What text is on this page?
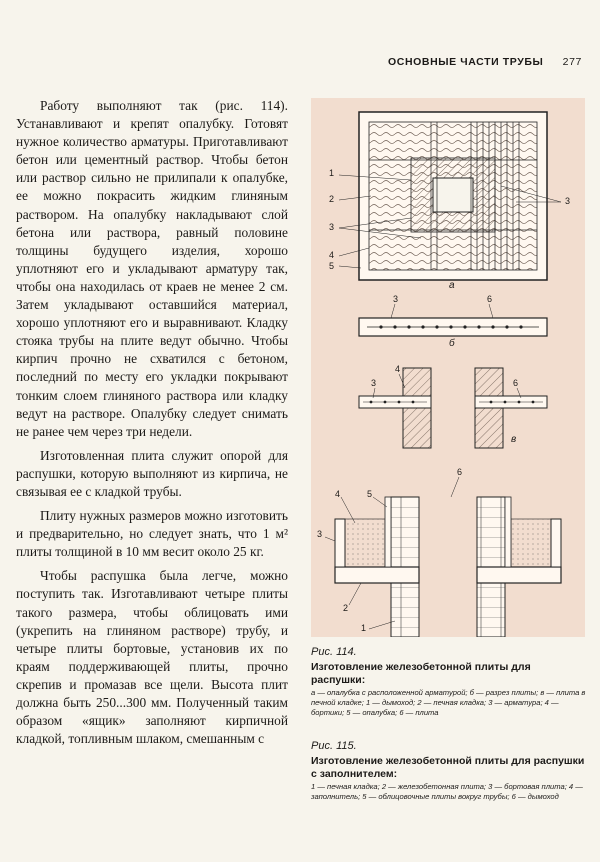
ОСНОВНЫЕ ЧАСТИ ТРУБЫ 277

Работу выполняют так (рис. 114). Устанавливают и крепят опалубку. Готовят нужное количество арматуры. Приготавливают бетон или цементный раствор. Чтобы бетон или раствор сильно не прилипали к опалубке, ее можно покрасить жидким глиняным раствором. На опалубку накладывают слой бетона или раствора, равный половине толщины будущего изделия, хорошо уплотняют его и укладывают арматуру так, чтобы она находилась от краев не менее 2 см. Затем укладывают оставшийся материал, хорошо уплотняют его и выравнивают. Кладку стояка трубы на плите ведут обычно. Чтобы кирпич прочно не схватился с бетоном, последний по месту его укладки покрывают тонким слоем глиняного раствора или кладку ведут на растворе. Опалубку следует снимать не ранее чем через три недели.

Изготовленная плита служит опорой для распушки, которую выполняют из кирпича, не связывая ее с кладкой трубы.

Плиту нужных размеров можно изготовить и предварительно, но следует знать, что 1 м² плиты толщиной в 10 мм весит около 25 кг.

Чтобы распушка была легче, можно поступить так. Изготавливают четыре плиты такого размера, чтобы облицовать ими (укрепить на глиняном растворе) трубу, и четыре плиты бортовые, установив их по краям поддерживающей плиты, прочно скрепив и промазав все щели. Высота плит должна быть 250...300 мм. Полученный таким образом «ящик» заполняют кирпичной кладкой, топливным шлаком, смешанным с

1
2
3
4
5
3
а
3	6
б
3
4
6
в
4	5
6
3
2
1
Рис. 114.
Изготовление железобетонной плиты для распушки:
а — опалубка с расположенной арматурой; б — разрез плиты; в — плита в печной кладке; 1 — дымоход; 2 — печная кладка; 3 — арматура; 4 — бортики; 5 — опалубка; 6 — плита
Рис. 115.
Изготовление железобетонной плиты для распушки с заполнителем:
1 — печная кладка; 2 — железобетонная плита; 3 — бортовая плита; 4 — заполнитель; 5 — облицовочные плиты вокруг трубы; 6 — дымоход
